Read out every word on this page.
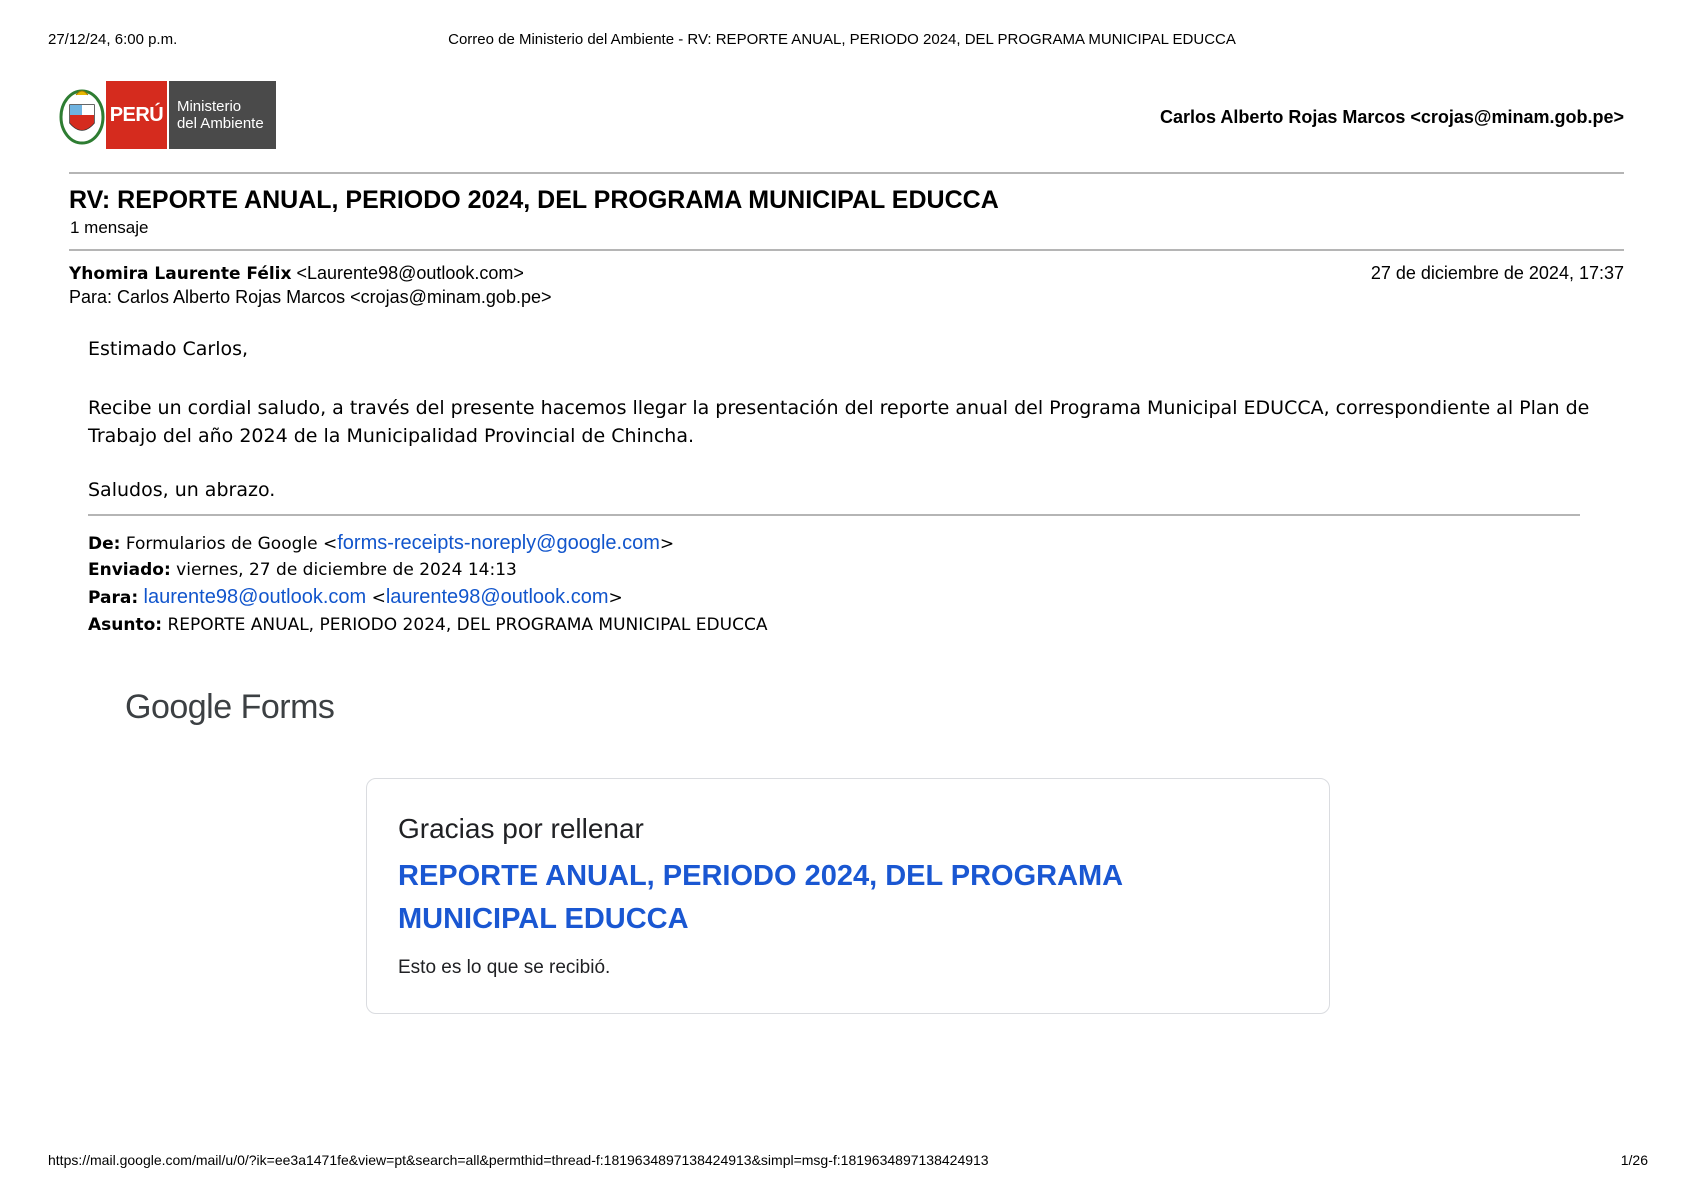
27/12/24, 6:00 p.m.	Correo de Ministerio del Ambiente - RV: REPORTE ANUAL, PERIODO 2024, DEL PROGRAMA MUNICIPAL EDUCCA
PERÚ Ministerio
del Ambiente	Carlos Alberto Rojas Marcos <crojas@minam.gob.pe>
RV: REPORTE ANUAL, PERIODO 2024, DEL PROGRAMA MUNICIPAL EDUCCA
1 mensaje
Yhomira Laurente Félix <Laurente98@outlook.com>	27 de diciembre de 2024, 17:37
Para: Carlos Alberto Rojas Marcos <crojas@minam.gob.pe>
Estimado Carlos,
Recibe un cordial saludo, a través del presente hacemos llegar la presentación del reporte anual del Programa Municipal EDUCCA, correspondiente al Plan de Trabajo del año 2024 de la Municipalidad Provincial de Chincha.
Saludos, un abrazo.
De: Formularios de Google <forms-receipts-noreply@google.com>
Enviado: viernes, 27 de diciembre de 2024 14:13
Para: laurente98@outlook.com <laurente98@outlook.com>
Asunto: REPORTE ANUAL, PERIODO 2024, DEL PROGRAMA MUNICIPAL EDUCCA
Google Forms
Gracias por rellenar
REPORTE ANUAL, PERIODO 2024, DEL PROGRAMA MUNICIPAL EDUCCA
Esto es lo que se recibió.
https://mail.google.com/mail/u/0/?ik=ee3a1471fe&view=pt&search=all&permthid=thread-f:1819634897138424913&simpl=msg-f:1819634897138424913	1/26
